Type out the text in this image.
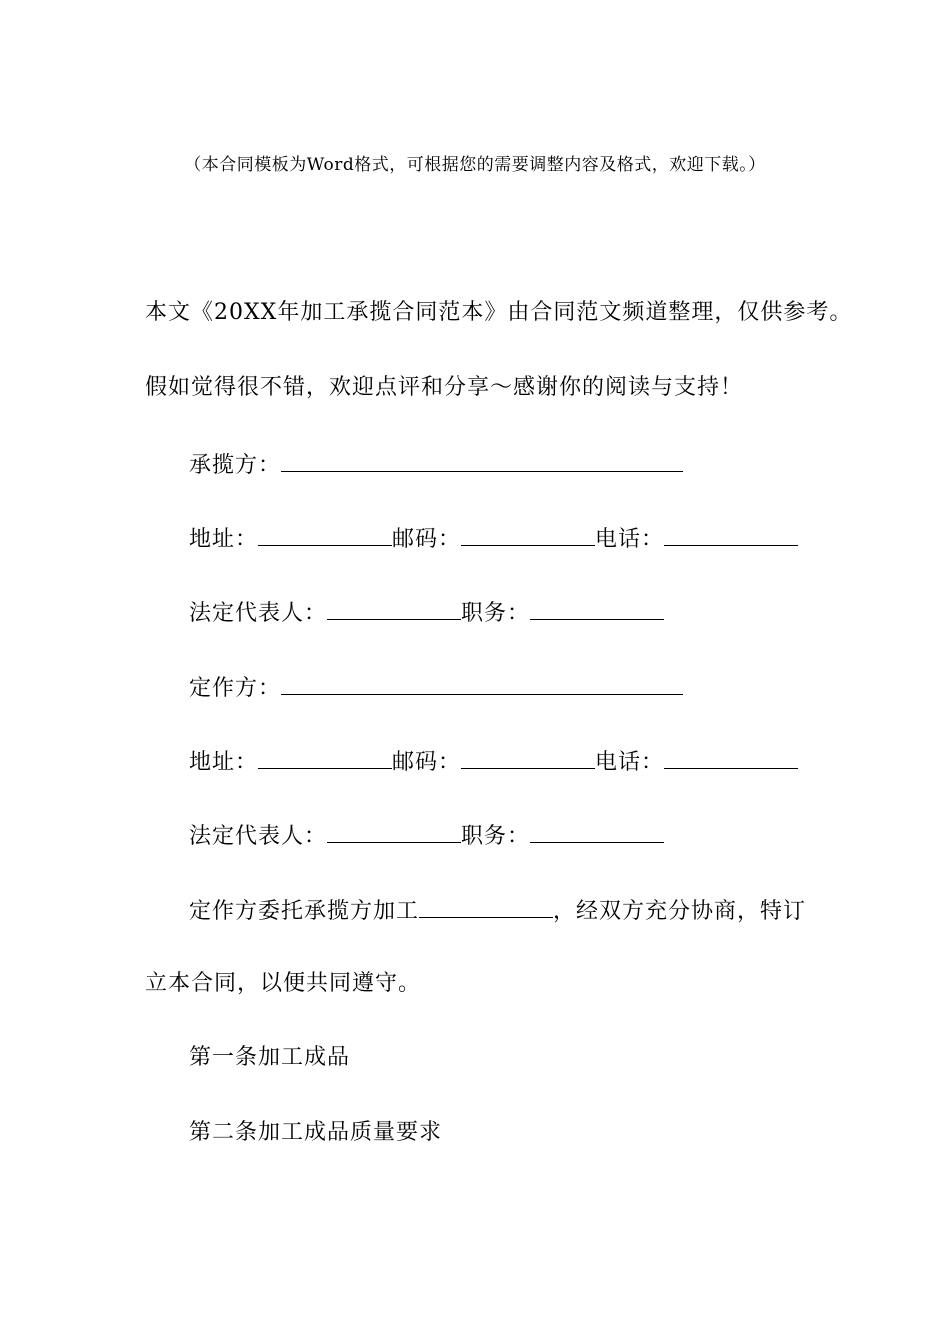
（本合同模板为Word格式，可根据您的需要调整内容及格式，欢迎下载。）
本文《20XX年加工承揽合同范本》由合同范文频道整理，仅供参考。
假如觉得很不错，欢迎点评和分享～感谢你的阅读与支持！
承揽方：
地址：	邮码：	电话：
法定代表人：	职务：
定作方：
地址：	邮码：	电话：
法定代表人：	职务：
定作方委托承揽方加工	，经双方充分协商，特订
立本合同，以便共同遵守。
第一条加工成品
第二条加工成品质量要求
